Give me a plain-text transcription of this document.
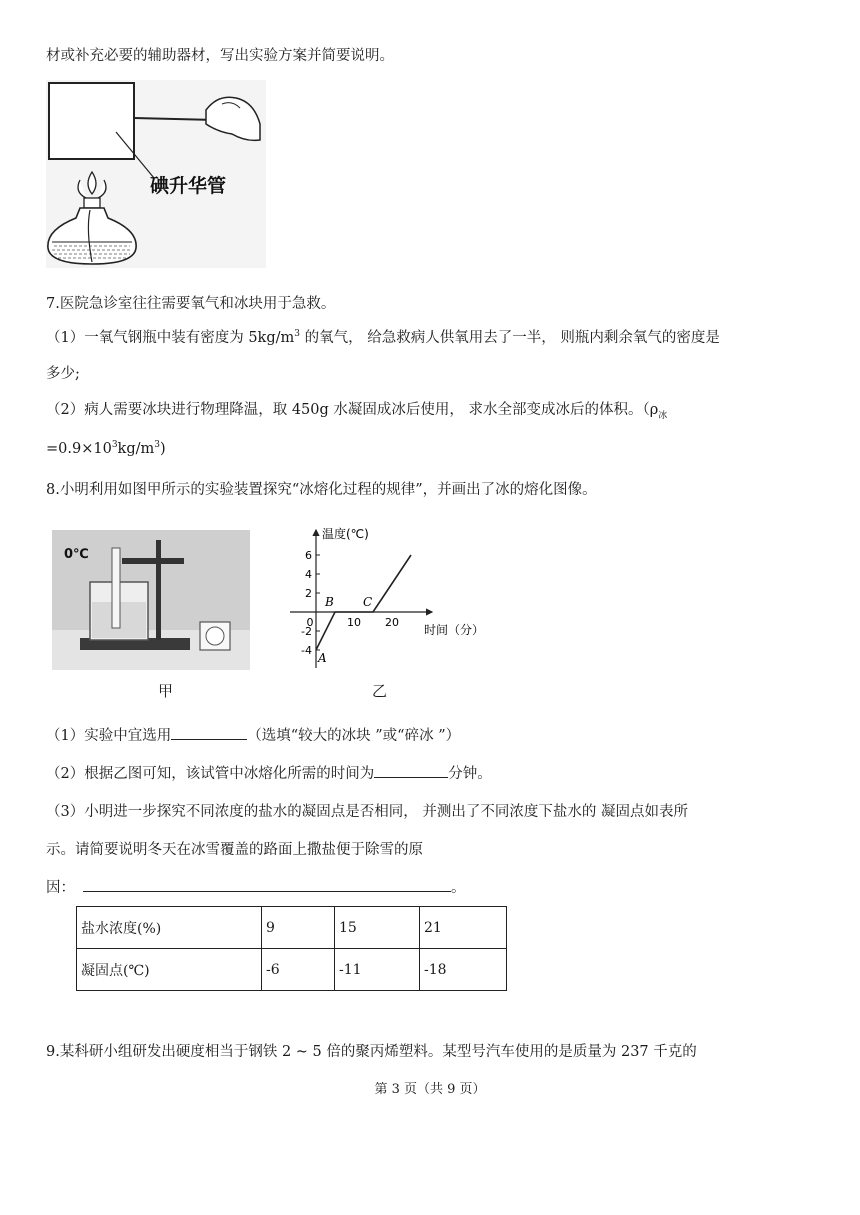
材或补充必要的辅助器材，写出实验方案并简要说明。
碘升华管
7.医院急诊室往往需要氧气和冰块用于急救。
（1）一氧气钢瓶中装有密度为 $5kg/m^3$ 的氧气， 给急救病人供氧用去了一半， 则瓶内剩余氧气的密度是
多少;
（2）病人需要冰块进行物理降温，取 450g 水凝固成冰后使用， 求水全部变成冰后的体积。（$\rho_冰$
$=0.9\times 10^3kg/m^3$)
8.小明利用如图甲所示的实验装置探究“冰熔化过程的规律”，并画出了冰的熔化图像。
0℃
甲
温度(℃)
时间（分）
6
4
2
-2
-4
0	10 20
A
B C
乙
（1）实验中宜选用	（选填“较大的冰块 ”或“碎冰 ”）
（2）根据乙图可知，该试管中冰熔化所需的时间为	分钟。
（3）小明进一步探究不同浓度的盐水的凝固点是否相同， 并测出了不同浓度下盐水的 凝固点如表所
示。请简要说明冬天在冰雪覆盖的路面上撒盐便于除雪的原
因：	。
盐水浓度(%)	9	15	21
凝固点(℃)	-6	-11	-18
9.某科研小组研发出硬度相当于钢铁 2 ~ 5 倍的聚丙烯塑料。某型号汽车使用的是质量为 237 千克的
第 3 页（共 9 页）
